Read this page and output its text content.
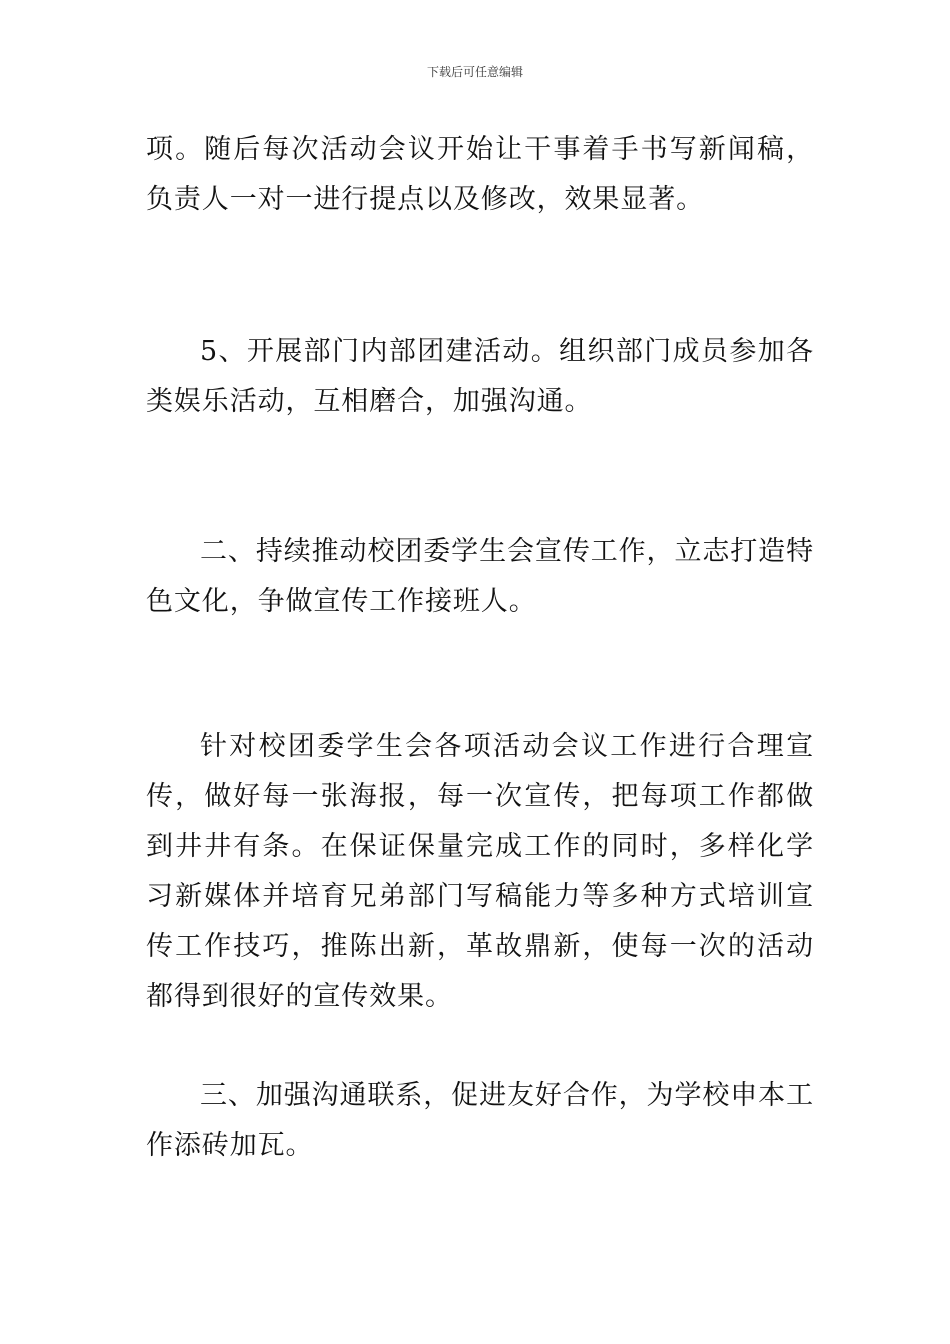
下载后可任意编辑

项。随后每次活动会议开始让干事着手书写新闻稿，负责人一对一进行提点以及修改，效果显著。

5、开展部门内部团建活动。组织部门成员参加各类娱乐活动，互相磨合，加强沟通。

二、持续推动校团委学生会宣传工作，立志打造特色文化，争做宣传工作接班人。

针对校团委学生会各项活动会议工作进行合理宣传，做好每一张海报，每一次宣传，把每项工作都做到井井有条。在保证保量完成工作的同时，多样化学习新媒体并培育兄弟部门写稿能力等多种方式培训宣传工作技巧，推陈出新，革故鼎新，使每一次的活动都得到很好的宣传效果。

三、加强沟通联系，促进友好合作，为学校申本工作添砖加瓦。
